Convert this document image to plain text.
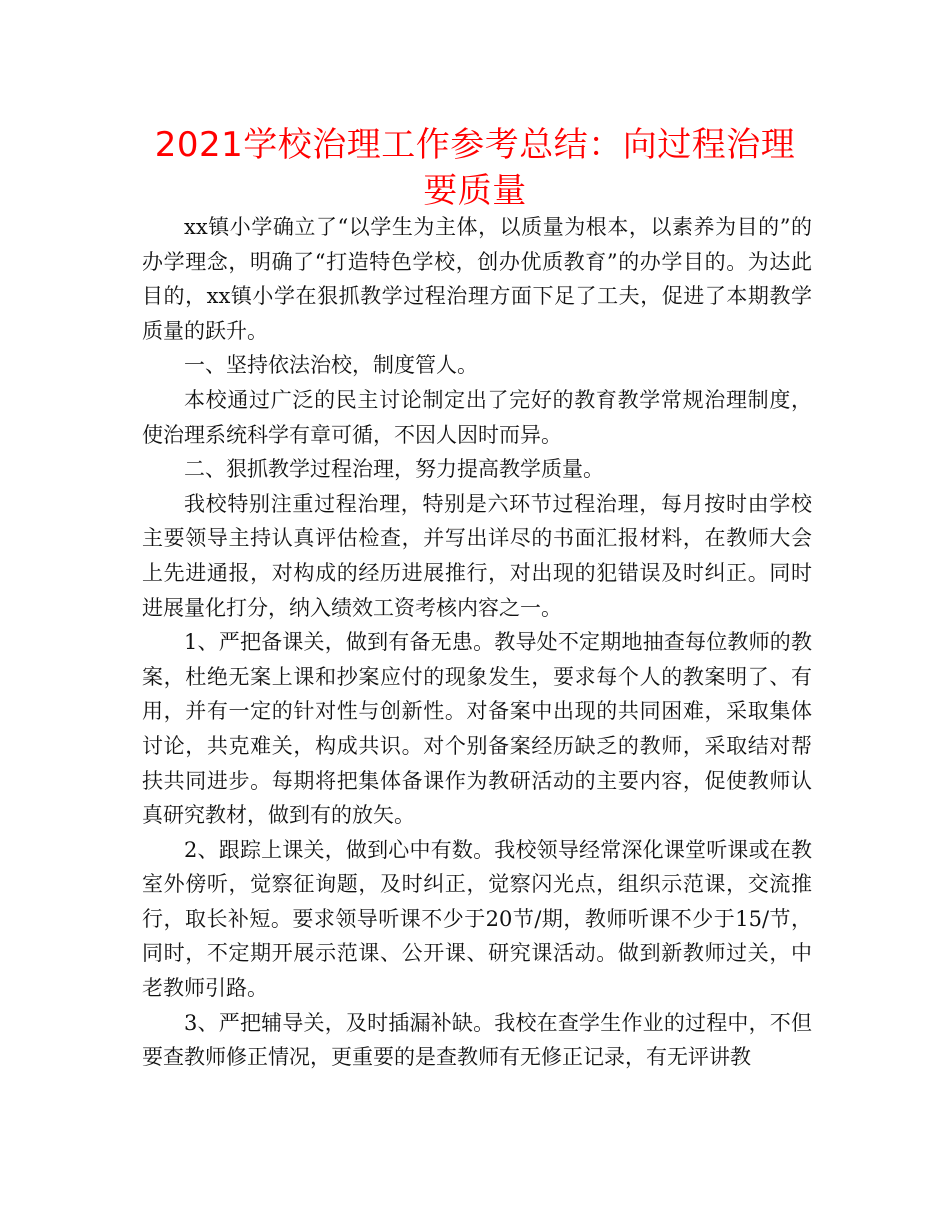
2021学校治理工作参考总结：向过程治理要质量

xx镇小学确立了“以学生为主体，以质量为根本，以素养为目的”的办学理念，明确了“打造特色学校，创办优质教育”的办学目的。为达此目的，xx镇小学在狠抓教学过程治理方面下足了工夫，促进了本期教学质量的跃升。

一、坚持依法治校，制度管人。

本校通过广泛的民主讨论制定出了完好的教育教学常规治理制度，使治理系统科学有章可循，不因人因时而异。

二、狠抓教学过程治理，努力提高教学质量。

我校特别注重过程治理，特别是六环节过程治理，每月按时由学校主要领导主持认真评估检查，并写出详尽的书面汇报材料，在教师大会上先进通报，对构成的经历进展推行，对出现的犯错误及时纠正。同时进展量化打分，纳入绩效工资考核内容之一。

1、严把备课关，做到有备无患。教导处不定期地抽查每位教师的教案，杜绝无案上课和抄案应付的现象发生，要求每个人的教案明了、有用，并有一定的针对性与创新性。对备案中出现的共同困难，采取集体讨论，共克难关，构成共识。对个别备案经历缺乏的教师，采取结对帮扶共同进步。每期将把集体备课作为教研活动的主要内容，促使教师认真研究教材，做到有的放矢。

2、跟踪上课关，做到心中有数。我校领导经常深化课堂听课或在教室外傍听，觉察征询题，及时纠正，觉察闪光点，组织示范课，交流推行，取长补短。要求领导听课不少于20节/期，教师听课不少于15/节，同时，不定期开展示范课、公开课、研究课活动。做到新教师过关，中老教师引路。

3、严把辅导关，及时插漏补缺。我校在查学生作业的过程中，不但要查教师修正情况，更重要的是查教师有无修正记录，有无评讲教
